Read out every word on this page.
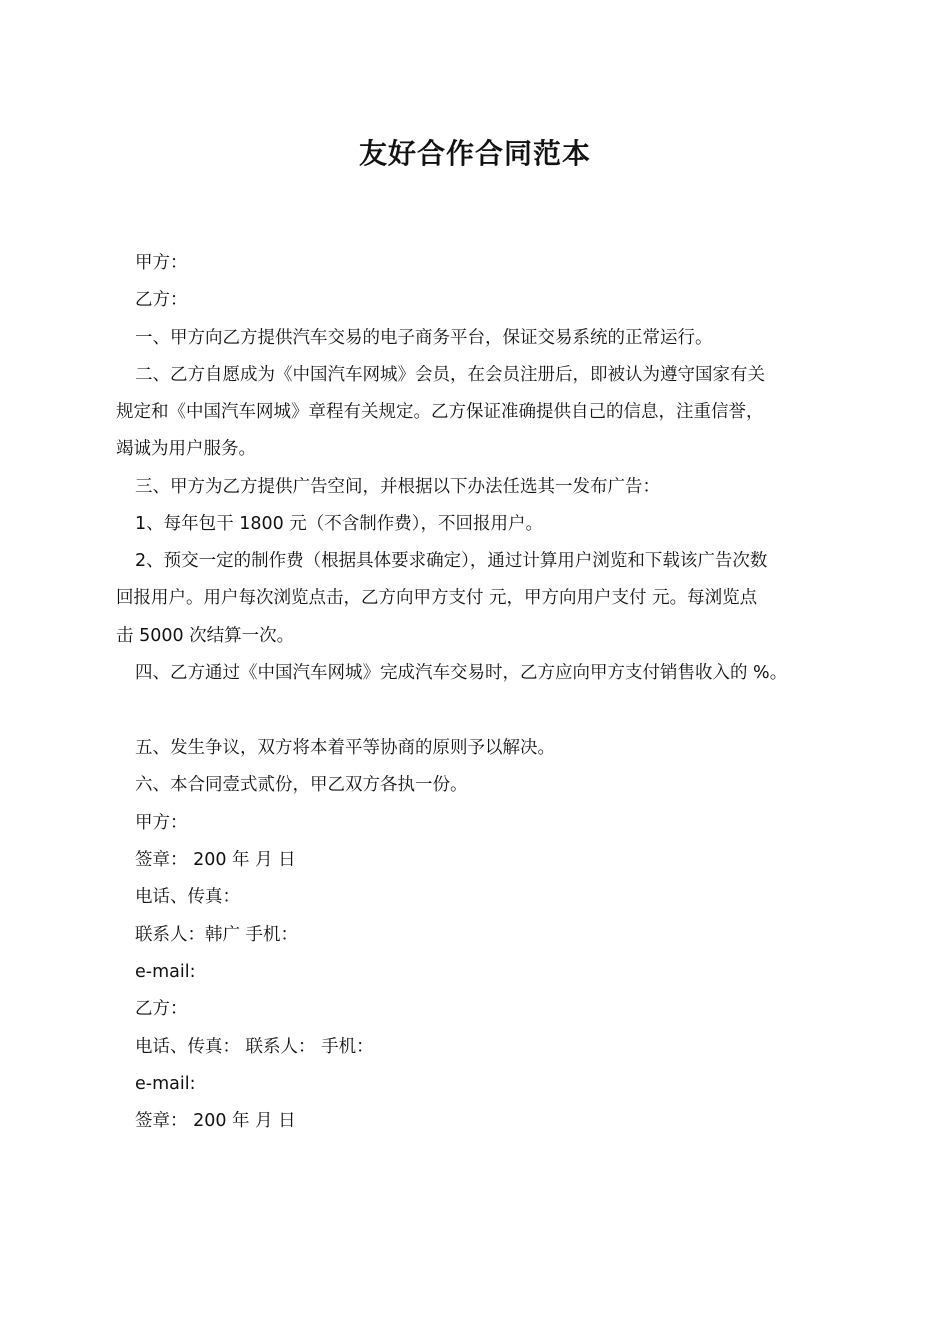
友好合作合同范本

甲方：

乙方：

一、甲方向乙方提供汽车交易的电子商务平台，保证交易系统的正常运行。

二、乙方自愿成为《中国汽车网城》会员，在会员注册后，即被认为遵守国家有关

规定和《中国汽车网城》章程有关规定。乙方保证准确提供自己的信息，注重信誉，

竭诚为用户服务。

三、甲方为乙方提供广告空间，并根据以下办法任选其一发布广告：

1、每年包干 1800 元（不含制作费），不回报用户。

2、预交一定的制作费（根据具体要求确定），通过计算用户浏览和下载该广告次数

回报用户。用户每次浏览点击，乙方向甲方支付 元，甲方向用户支付 元。每浏览点

击 5000 次结算一次。

四、乙方通过《中国汽车网城》完成汽车交易时，乙方应向甲方支付销售收入的 %。

五、发生争议，双方将本着平等协商的原则予以解决。

六、本合同壹式贰份，甲乙双方各执一份。

甲方：

签章： 200 年 月 日

电话、传真：

联系人：韩广 手机：

e-mail:

乙方：

电话、传真： 联系人： 手机：

e-mail:

签章： 200 年 月 日
